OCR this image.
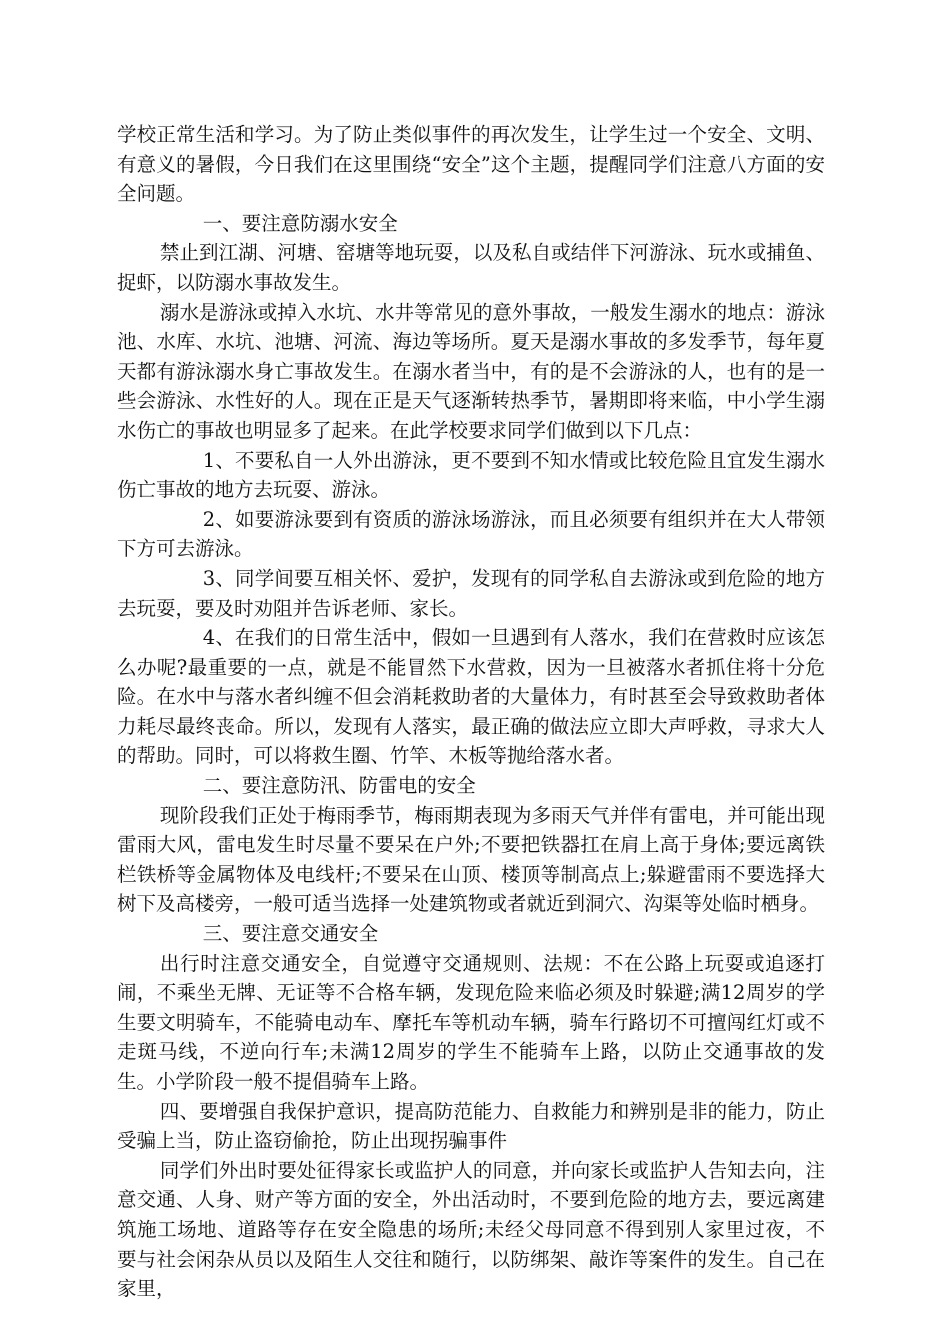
学校正常生活和学习。为了防止类似事件的再次发生，让学生过一个安全、文明、有意义的暑假，今日我们在这里围绕“安全”这个主题，提醒同学们注意八方面的安全问题。

一、要注意防溺水安全

禁止到江湖、河塘、窑塘等地玩耍，以及私自或结伴下河游泳、玩水或捕鱼、捉虾，以防溺水事故发生。

溺水是游泳或掉入水坑、水井等常见的意外事故，一般发生溺水的地点：游泳池、水库、水坑、池塘、河流、海边等场所。夏天是溺水事故的多发季节，每年夏天都有游泳溺水身亡事故发生。在溺水者当中，有的是不会游泳的人，也有的是一些会游泳、水性好的人。现在正是天气逐渐转热季节，暑期即将来临，中小学生溺水伤亡的事故也明显多了起来。在此学校要求同学们做到以下几点：

1、不要私自一人外出游泳，更不要到不知水情或比较危险且宜发生溺水伤亡事故的地方去玩耍、游泳。

2、如要游泳要到有资质的游泳场游泳，而且必须要有组织并在大人带领下方可去游泳。

3、同学间要互相关怀、爱护，发现有的同学私自去游泳或到危险的地方去玩耍，要及时劝阻并告诉老师、家长。

4、在我们的日常生活中，假如一旦遇到有人落水，我们在营救时应该怎么办呢?最重要的一点，就是不能冒然下水营救，因为一旦被落水者抓住将十分危险。在水中与落水者纠缠不但会消耗救助者的大量体力，有时甚至会导致救助者体力耗尽最终丧命。所以，发现有人落实，最正确的做法应立即大声呼救，寻求大人的帮助。同时，可以将救生圈、竹竿、木板等抛给落水者。

二、要注意防汛、防雷电的安全

现阶段我们正处于梅雨季节，梅雨期表现为多雨天气并伴有雷电，并可能出现雷雨大风，雷电发生时尽量不要呆在户外;不要把铁器扛在肩上高于身体;要远离铁栏铁桥等金属物体及电线杆;不要呆在山顶、楼顶等制高点上;躲避雷雨不要选择大树下及高楼旁，一般可适当选择一处建筑物或者就近到洞穴、沟渠等处临时栖身。

三、要注意交通安全

出行时注意交通安全，自觉遵守交通规则、法规：不在公路上玩耍或追逐打闹，不乘坐无牌、无证等不合格车辆，发现危险来临必须及时躲避;满12周岁的学生要文明骑车，不能骑电动车、摩托车等机动车辆，骑车行路切不可擅闯红灯或不走斑马线，不逆向行车;未满12周岁的学生不能骑车上路，以防止交通事故的发生。小学阶段一般不提倡骑车上路。

四、要增强自我保护意识，提高防范能力、自救能力和辨别是非的能力，防止受骗上当，防止盗窃偷抢，防止出现拐骗事件

同学们外出时要处征得家长或监护人的同意，并向家长或监护人告知去向，注意交通、人身、财产等方面的安全，外出活动时，不要到危险的地方去，要远离建筑施工场地、道路等存在安全隐患的场所;未经父母同意不得到别人家里过夜，不要与社会闲杂从员以及陌生人交往和随行，以防绑架、敲诈等案件的发生。自己在家里，
